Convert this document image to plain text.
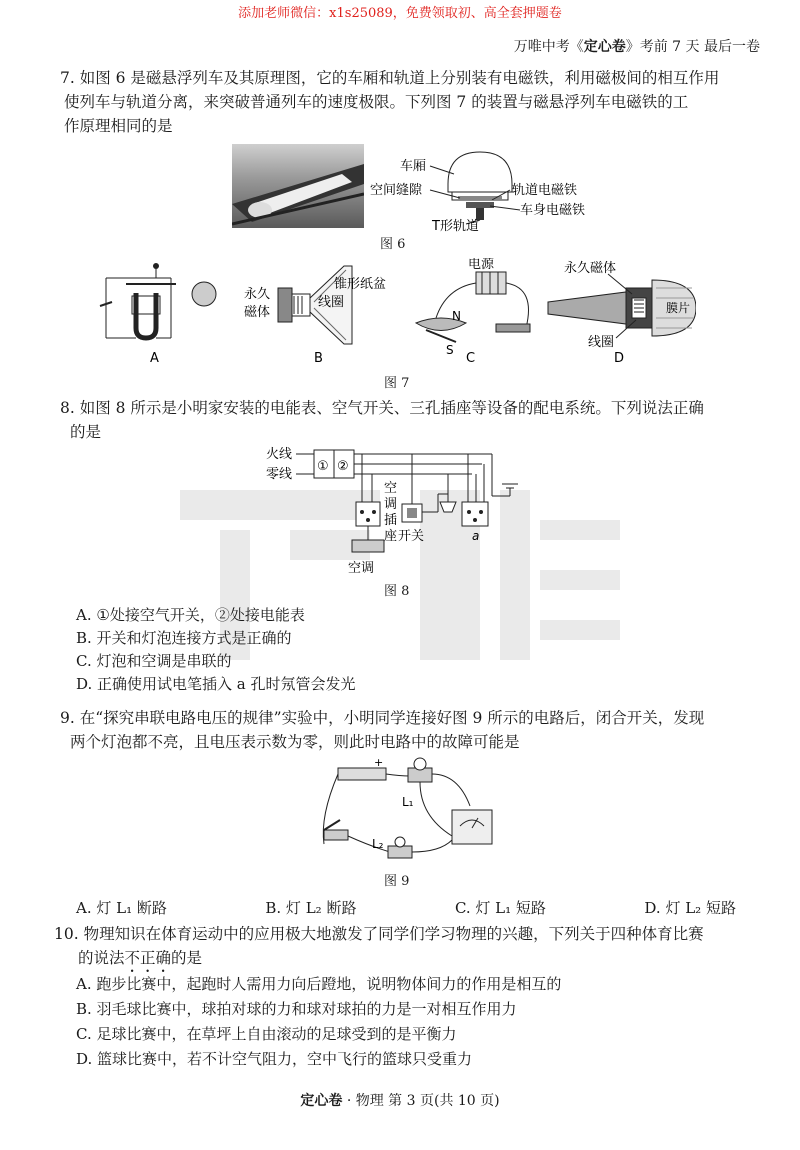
添加老师微信：x1s25089，免费领取初、高全套押题卷
万唯中考《定心卷》考前 7 天 最后一卷
7. 如图 6 是磁悬浮列车及其原理图，它的车厢和轨道上分别装有电磁铁，利用磁极间的相互作用
使列车与轨道分离，来突破普通列车的速度极限。下列图 7 的装置与磁悬浮列车电磁铁的工
作原理相同的是
车厢
空间缝隙	轨道电磁铁
车身电磁铁
T形轨道
图 6
A
永久
磁体
锥形纸盆
线圈
B
电源
N
S
C
永久磁体
膜片
线圈
D
图 7
8. 如图 8 所示是小明家安装的电能表、空气开关、三孔插座等设备的配电系统。下列说法正确
的是
火线
零线
① ②
空
调
插
座
空调
开关	a
图 8
A. ①处接空气开关，②处接电能表
B. 开关和灯泡连接方式是正确的
C. 灯泡和空调是串联的
D. 正确使用试电笔插入 a 孔时氖管会发光
9. 在“探究串联电路电压的规律”实验中，小明同学连接好图 9 所示的电路后，闭合开关，发现
两个灯泡都不亮，且电压表示数为零，则此时电路中的故障可能是
+
L₁
L₂
图 9
A. 灯 L₁ 断路	B. 灯 L₂ 断路	C. 灯 L₁ 短路	D. 灯 L₂ 短路
10. 物理知识在体育运动中的应用极大地激发了同学们学习物理的兴趣，下列关于四种体育比赛
的说法不正确的是
A. 跑步比赛中，起跑时人需用力向后蹬地，说明物体间力的作用是相互的
B. 羽毛球比赛中，球拍对球的力和球对球拍的力是一对相互作用力
C. 足球比赛中，在草坪上自由滚动的足球受到的是平衡力
D. 篮球比赛中，若不计空气阻力，空中飞行的篮球只受重力
定心卷 · 物理 第 3 页(共 10 页)
